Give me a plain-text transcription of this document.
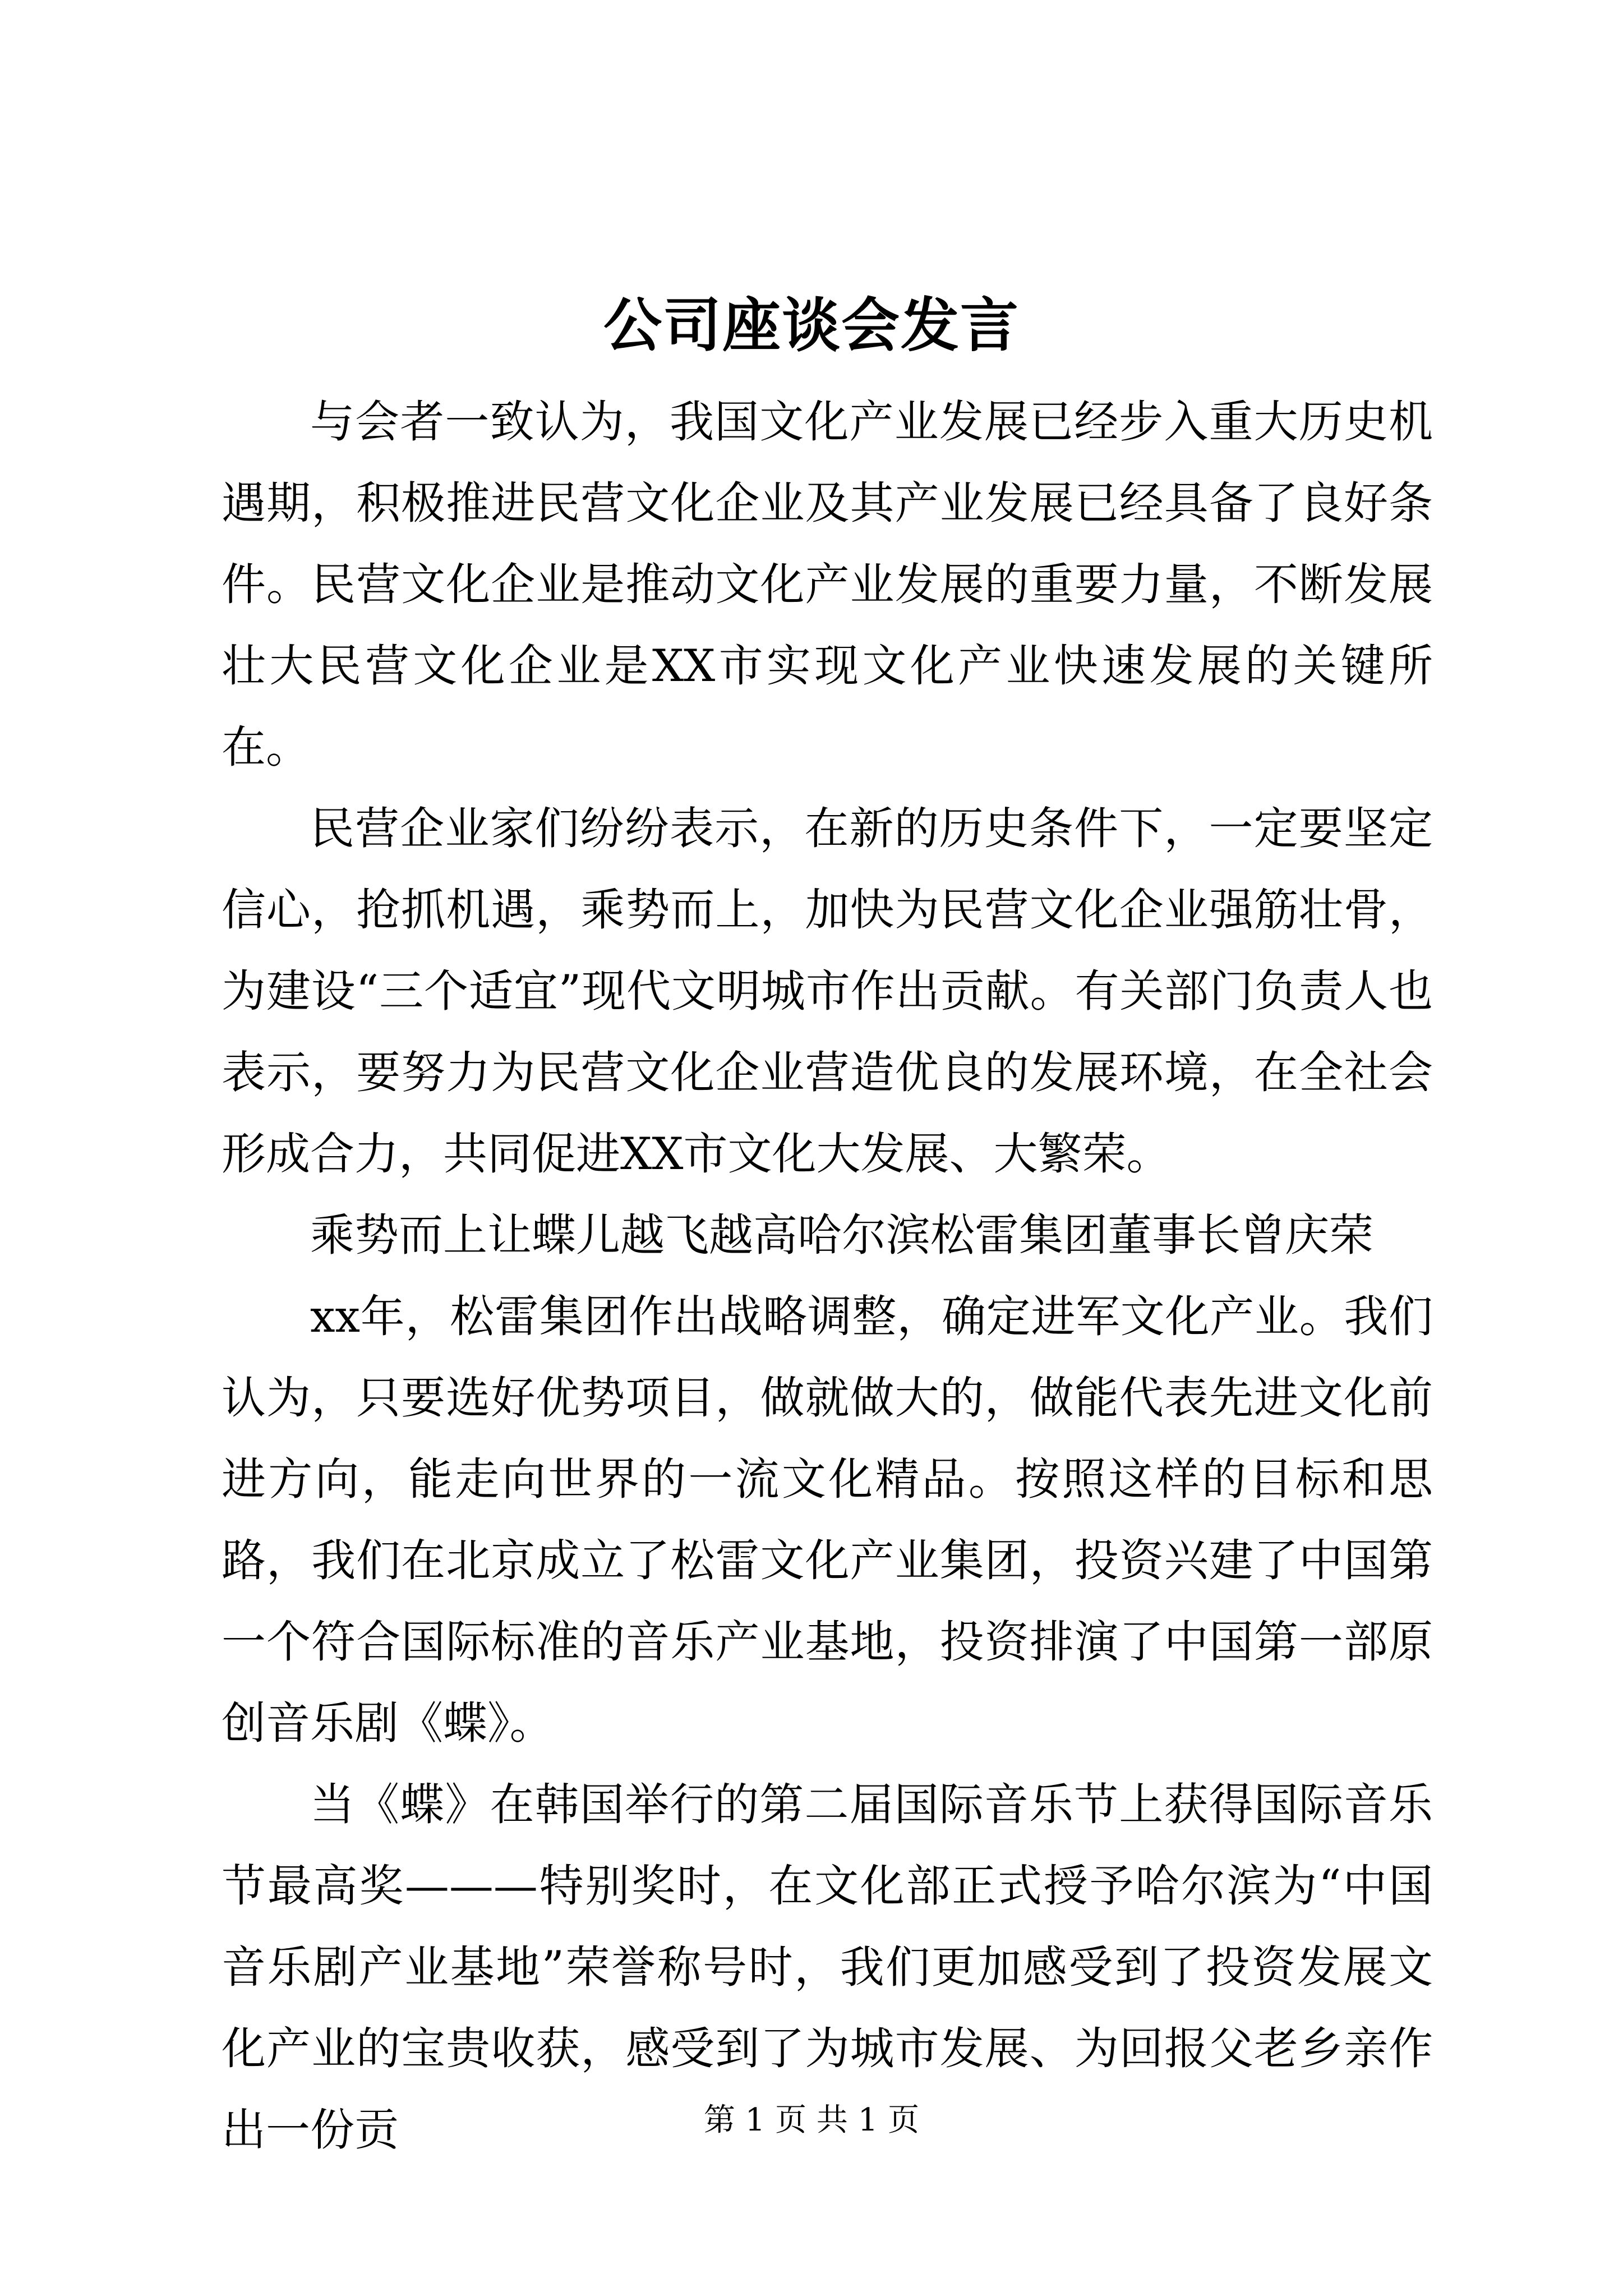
公司座谈会发言

与会者一致认为，我国文化产业发展已经步入重大历史机遇期，积极推进民营文化企业及其产业发展已经具备了良好条件。民营文化企业是推动文化产业发展的重要力量，不断发展壮大民营文化企业是XX市实现文化产业快速发展的关键所在。

民营企业家们纷纷表示，在新的历史条件下，一定要坚定信心，抢抓机遇，乘势而上，加快为民营文化企业强筋壮骨，为建设“三个适宜”现代文明城市作出贡献。有关部门负责人也表示，要努力为民营文化企业营造优良的发展环境，在全社会形成合力，共同促进XX市文化大发展、大繁荣。

乘势而上让蝶儿越飞越高哈尔滨松雷集团董事长曾庆荣

xx年，松雷集团作出战略调整，确定进军文化产业。我们认为，只要选好优势项目，做就做大的，做能代表先进文化前进方向，能走向世界的一流文化精品。按照这样的目标和思路，我们在北京成立了松雷文化产业集团，投资兴建了中国第一个符合国际标准的音乐产业基地，投资排演了中国第一部原创音乐剧《蝶》。

当《蝶》在韩国举行的第二届国际音乐节上获得国际音乐节最高奖———特别奖时，在文化部正式授予哈尔滨为“中国音乐剧产业基地”荣誉称号时，我们更加感受到了投资发展文化产业的宝贵收获，感受到了为城市发展、为回报父老乡亲作出一份贡	第 1 页 共 1 页
